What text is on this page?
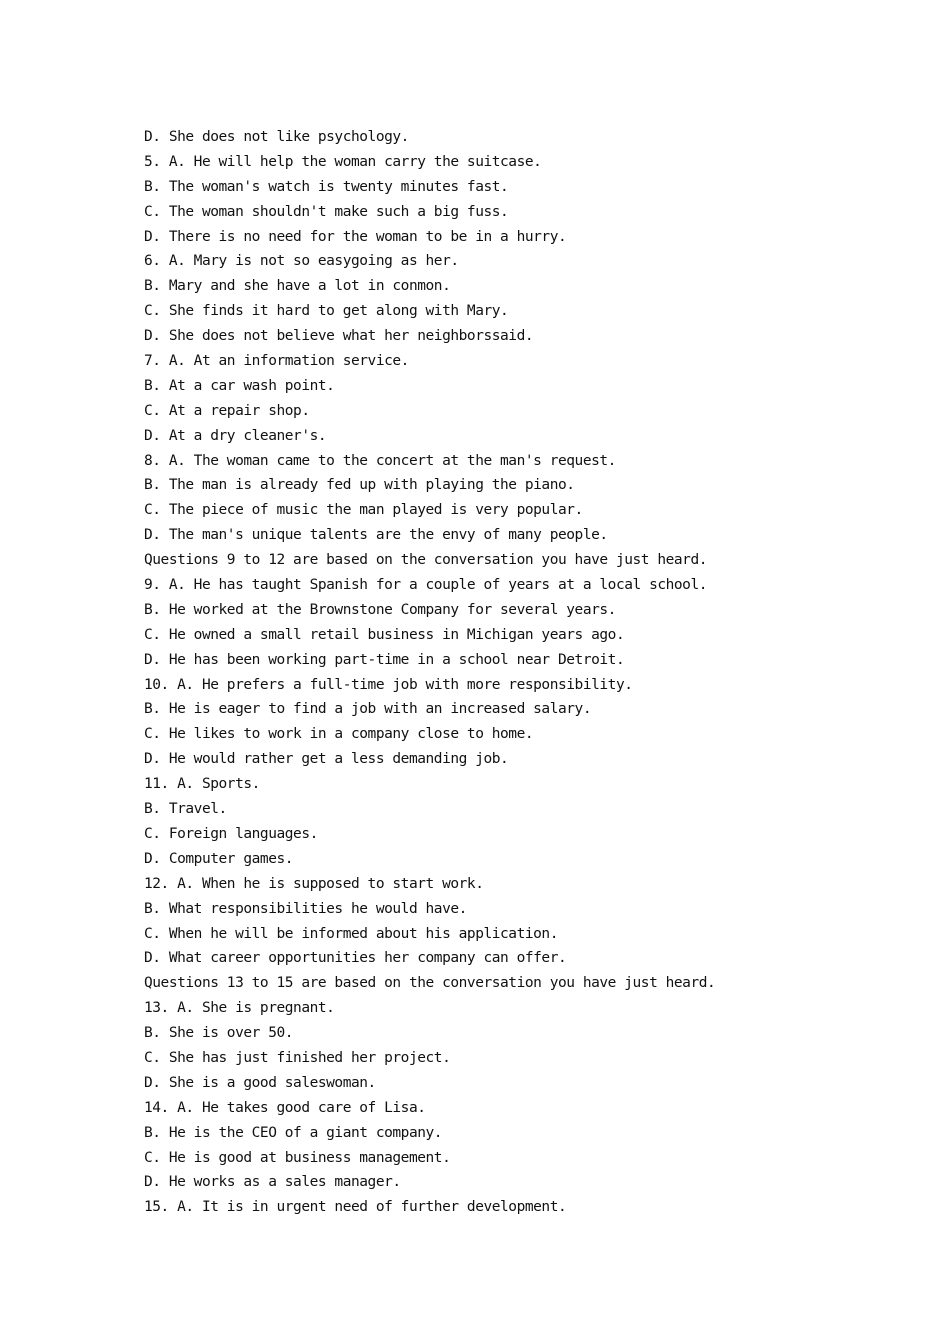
D. She does not like psychology.
5. A. He will help the woman carry the suitcase.
B. The woman's watch is twenty minutes fast.
C. The woman shouldn't make such a big fuss.
D. There is no need for the woman to be in a hurry.
6. A. Mary is not so easygoing as her.
B. Mary and she have a lot in conmon.
C. She finds it hard to get along with Mary.
D. She does not believe what her neighborssaid.
7. A. At an information service.
B. At a car wash point.
C. At a repair shop.
D. At a dry cleaner's.
8. A. The woman came to the concert at the man's request.
B. The man is already fed up with playing the piano.
C. The piece of music the man played is very popular.
D. The man's unique talents are the envy of many people.
Questions 9 to 12 are based on the conversation you have just heard.
9. A. He has taught Spanish for a couple of years at a local school.
B. He worked at the Brownstone Company for several years.
C. He owned a small retail business in Michigan years ago.
D. He has been working part-time in a school near Detroit.
10. A. He prefers a full-time job with more responsibility.
B. He is eager to find a job with an increased salary.
C. He likes to work in a company close to home.
D. He would rather get a less demanding job.
11. A. Sports.
B. Travel.
C. Foreign languages.
D. Computer games.
12. A. When he is supposed to start work.
B. What responsibilities he would have.
C. When he will be informed about his application.
D. What career opportunities her company can offer.
Questions 13 to 15 are based on the conversation you have just heard.
13. A. She is pregnant.
B. She is over 50.
C. She has just finished her project.
D. She is a good saleswoman.
14. A. He takes good care of Lisa.
B. He is the CEO of a giant company.
C. He is good at business management.
D. He works as a sales manager.
15. A. It is in urgent need of further development.
